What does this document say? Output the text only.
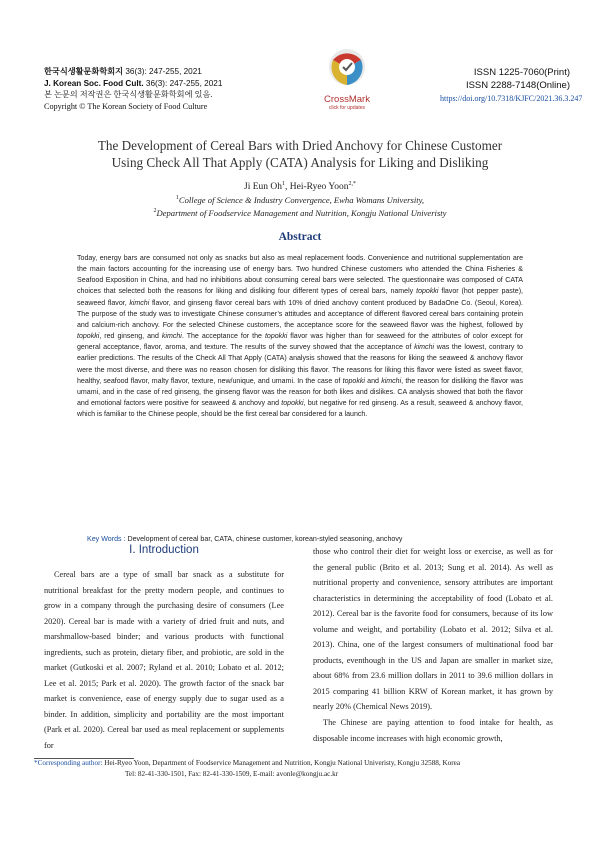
한국식생활문화학회지 36(3): 247-255, 2021
J. Korean Soc. Food Cult. 36(3): 247-255, 2021
본 논문의 저작권은 한국식생활문화학회에 있음.
Copyright © The Korean Society of Food Culture
CrossMark
click for updates
ISSN 1225-7060(Print)
ISSN 2288-7148(Online)
https://doi.org/10.7318/KJFC/2021.36.3.247
The Development of Cereal Bars with Dried Anchovy for Chinese Customer
Using Check All That Apply (CATA) Analysis for Liking and Disliking
Ji Eun Oh$^1$, Hei-Ryeo Yoon$^{2,*}$
$^1$College of Science & Industry Convergence, Ewha Womans University,
$^2$Department of Foodservice Management and Nutrition, Kongju National Univeristy
Abstract
Today, energy bars are consumed not only as snacks but also as meal replacement foods. Convenience and nutritional supplementation are the main factors accounting for the increasing use of energy bars. Two hundred Chinese customers who attended the China Fisheries & Seafood Exposition in China, and had no inhibitions about consuming cereal bars were selected. The questionnaire was composed of CATA choices that selected both the reasons for liking and disliking four different types of cereal bars, namely topokki flavor (hot pepper paste), seaweed flavor, kimchi flavor, and ginseng flavor cereal bars with 10% of dried anchovy content produced by BadaOne Co. (Seoul, Korea). The purpose of the study was to investigate Chinese consumer’s attitudes and acceptance of different flavored cereal bars containing protein and calcium-rich anchovy. For the selected Chinese customers, the acceptance score for the seaweed flavor was the highest, followed by topokki, red ginseng, and kimchi. The acceptance for the topokki flavor was higher than for seaweed for the attributes of color except for general acceptance, flavor, aroma, and texture. The results of the survey showed that the acceptance of kimchi was the lowest, contrary to earlier predictions. The results of the Check All That Apply (CATA) analysis showed that the reasons for liking the seaweed & anchovy flavor were the most diverse, and there was no reason chosen for disliking this flavor. The reasons for liking this flavor were listed as sweet flavor, healthy, seafood flavor, malty flavor, texture, new/unique, and umami. In the case of topokki and kimchi, the reason for disliking the flavor was umami, and in the case of red ginseng, the ginseng flavor was the reason for both likes and dislikes. CA analysis showed that both the flavor and emotional factors were positive for seaweed & anchovy and topokki, but negative for red ginseng. As a result, seaweed & anchovy flavor, which is familiar to the Chinese people, should be the first cereal bar considered for a launch.
Key Words : Development of cereal bar, CATA, chinese customer, korean-styled seasoning, anchovy
I. Introduction

Cereal bars are a type of small bar snack as a substitute for nutritional breakfast for the pretty modern people, and continues to grow in a company through the purchasing desire of consumers (Lee 2020). Cereal bar is made with a variety of dried fruit and nuts, and marshmallow-based binder; and various products with functional ingredients, such as protein, dietary fiber, and probiotic, are sold in the market (Gutkoski et al. 2007; Ryland et al. 2010; Lobato et al. 2012; Lee et al. 2015; Park et al. 2020). The growth factor of the snack bar market is convenience, ease of energy supply due to sugar used as a binder. In addition, simplicity and portability are the most important (Park et al. 2020). Cereal bar used as meal replacement or supplements for

those who control their diet for weight loss or exercise, as well as for the general public (Brito et al. 2013; Sung et al. 2014). As well as nutritional property and convenience, sensory attributes are important characteristics in determining the acceptability of food (Lobato et al. 2012). Cereal bar is the favorite food for consumers, because of its low volume and weight, and portability (Lobato et al. 2012; Silva et al. 2013). China, one of the largest consumers of multinational food bar products, eventhough in the US and Japan are smaller in market size, about 68% from 23.6 million dollars in 2011 to 39.6 million dollars in 2015 comparing 41 billion KRW of Korean market, it has grown by nearly 20% (Chemical News 2019).

The Chinese are paying attention to food intake for health, as disposable income increases with high economic growth,

*Corresponding author: Hei-Ryeo Yoon, Department of Foodservice Management and Nutrition, Kongju National Univeristy, Kongju 32588, Korea
Tel: 82-41-330-1501, Fax: 82-41-330-1509, E-mail: avonle@kongju.ac.kr
